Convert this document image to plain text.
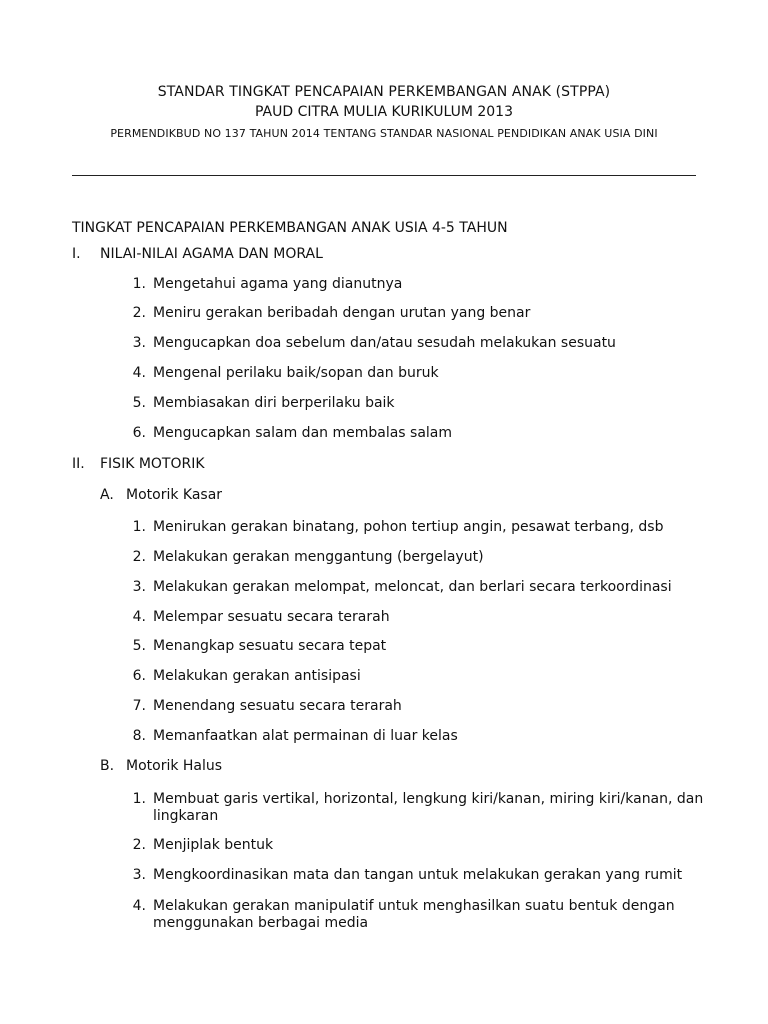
STANDAR TINGKAT PENCAPAIAN PERKEMBANGAN ANAK (STPPA)
PAUD CITRA MULIA KURIKULUM 2013
PERMENDIKBUD NO 137 TAHUN 2014 TENTANG STANDAR NASIONAL PENDIDIKAN ANAK USIA DINI
TINGKAT PENCAPAIAN PERKEMBANGAN ANAK USIA 4-5 TAHUN
I. NILAI-NILAI AGAMA DAN MORAL
1. Mengetahui agama yang dianutnya
2. Meniru gerakan beribadah dengan urutan yang benar
3. Mengucapkan doa sebelum dan/atau sesudah melakukan sesuatu
4. Mengenal perilaku baik/sopan dan buruk
5. Membiasakan diri berperilaku baik
6. Mengucapkan salam dan membalas salam
II. FISIK MOTORIK
A. Motorik Kasar
1. Menirukan gerakan binatang, pohon tertiup angin, pesawat terbang, dsb
2. Melakukan gerakan menggantung (bergelayut)
3. Melakukan gerakan melompat, meloncat, dan berlari secara terkoordinasi
4. Melempar sesuatu secara terarah
5. Menangkap sesuatu secara tepat
6. Melakukan gerakan antisipasi
7. Menendang sesuatu secara terarah
8. Memanfaatkan alat permainan di luar kelas
B. Motorik Halus
1. Membuat garis vertikal, horizontal, lengkung kiri/kanan, miring kiri/kanan, dan lingkaran
2. Menjiplak bentuk
3. Mengkoordinasikan mata dan tangan untuk melakukan gerakan yang rumit
4. Melakukan gerakan manipulatif untuk menghasilkan suatu bentuk dengan menggunakan berbagai media
